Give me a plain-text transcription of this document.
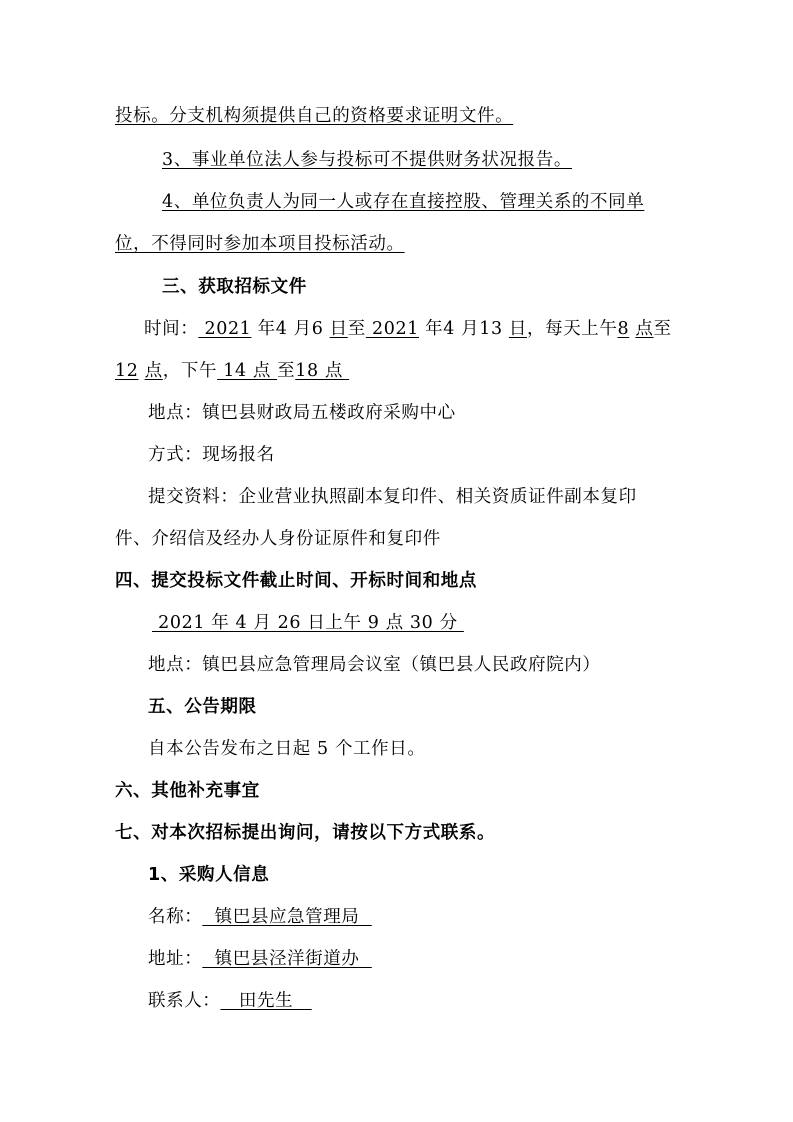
投标。分支机构须提供自己的资格要求证明文件。
3、事业单位法人参与投标可不提供财务状况报告。
4、单位负责人为同一人或存在直接控股、管理关系的不同单
位，不得同时参加本项目投标活动。
三、获取招标文件
时间： 2021 年4 月6 日至 2021 年4 月13 日，每天上午8 点至
12 点，下午 14 点 至18 点
地点：镇巴县财政局五楼政府采购中心
方式：现场报名
提交资料：企业营业执照副本复印件、相关资质证件副本复印
件、介绍信及经办人身份证原件和复印件
四、提交投标文件截止时间、开标时间和地点
2021 年 4 月 26 日上午 9 点 30 分
地点：镇巴县应急管理局会议室（镇巴县人民政府院内）
五、公告期限
自本公告发布之日起 5 个工作日。
六、其他补充事宜
七、对本次招标提出询问，请按以下方式联系。
1、采购人信息
名称：  镇巴县应急管理局
地址：  镇巴县泾洋街道办
联系人：   田先生
